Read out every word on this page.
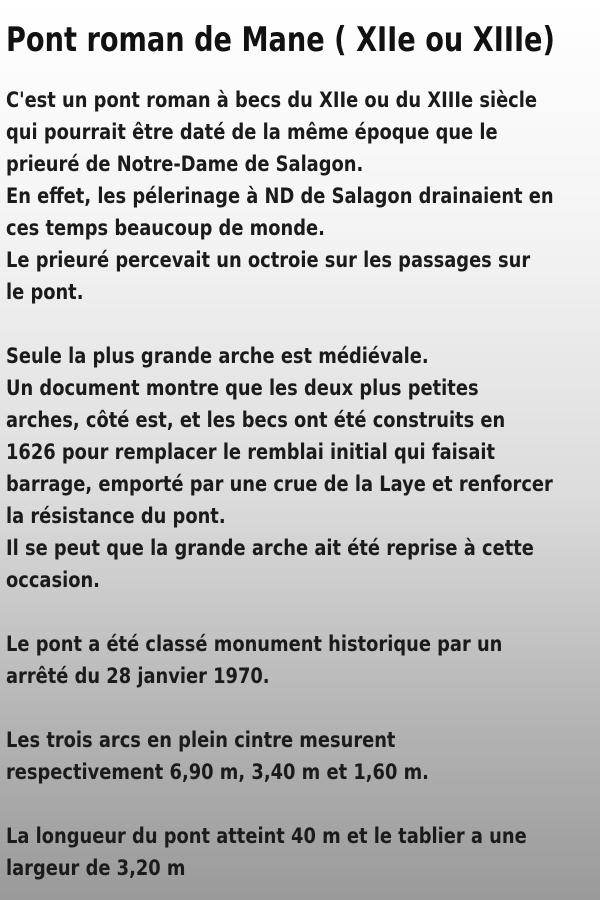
Pont roman de Mane ( XIIe ou XIIIe)

C'est un pont roman à becs du XIIe ou du XIIIe siècle
qui pourrait être daté de la même époque que le
prieuré de Notre-Dame de Salagon.
En effet, les pélerinage à ND de Salagon drainaient en
ces temps beaucoup de monde.
Le prieuré percevait un octroie sur les passages sur
le pont.

Seule la plus grande arche est médiévale.
Un document montre que les deux plus petites
arches, côté est, et les becs ont été construits en
1626 pour remplacer le remblai initial qui faisait
barrage, emporté par une crue de la Laye et renforcer
la résistance du pont.
Il se peut que la grande arche ait été reprise à cette
occasion.

Le pont a été classé monument historique par un
arrêté du 28 janvier 1970.

Les trois arcs en plein cintre mesurent
respectivement 6,90 m, 3,40 m et 1,60 m.

La longueur du pont atteint 40 m et le tablier a une
largeur de 3,20 m
